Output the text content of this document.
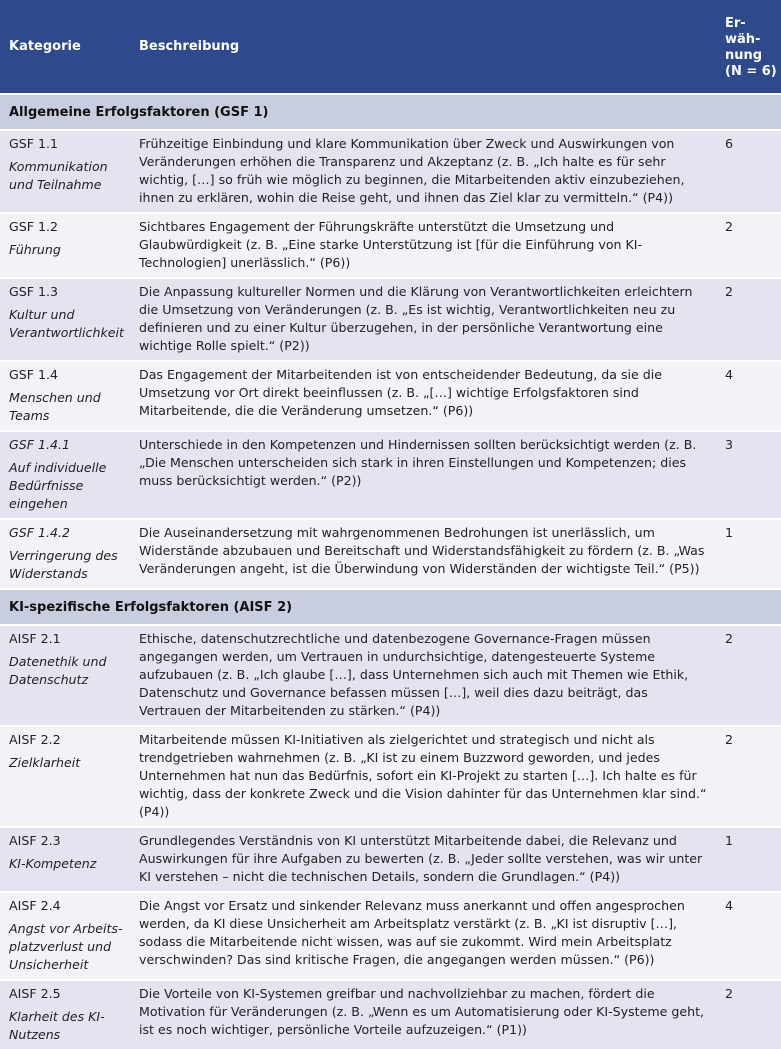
Kategorie	Beschreibung	Er-
wäh-
nung
(N = 6)
Allgemeine Erfolgsfaktoren (GSF 1)		

GSF 1.1
Kommunikation und Teilnahme	Frühzeitige Einbindung und klare Kommunikation über Zweck und Auswirkungen von Veränderungen erhöhen die Transparenz und Akzeptanz (z. B. „Ich halte es für sehr wichtig, […] so früh wie möglich zu beginnen, die Mitarbeitenden aktiv einzubeziehen, ihnen zu erklären, wohin die Reise geht, und ihnen das Ziel klar zu vermitteln.“ (P4))	6

GSF 1.2
Führung	Sichtbares Engagement der Führungskräfte unterstützt die Umsetzung und Glaubwürdigkeit (z. B. „Eine starke Unterstützung ist [für die Einführung von KI-Technologien] unerlässlich.“ (P6))	2

GSF 1.3
Kultur und Verantwortlichkeit	Die Anpassung kultureller Normen und die Klärung von Verantwortlichkeiten erleichtern die Umsetzung von Veränderungen (z. B. „Es ist wichtig, Verantwortlichkeiten neu zu definieren und zu einer Kultur überzugehen, in der persönliche Verantwortung eine wichtige Rolle spielt.“ (P2))	2

GSF 1.4
Menschen und Teams	Das Engagement der Mitarbeitenden ist von entscheidender Bedeutung, da sie die Umsetzung vor Ort direkt beeinflussen (z. B. „[…] wichtige Erfolgsfaktoren sind Mitarbeitende, die die Veränderung umsetzen.“ (P6))	4

GSF 1.4.1
Auf individuelle Bedürfnisse eingehen	Unterschiede in den Kompetenzen und Hindernissen sollten berücksichtigt werden (z. B. „Die Menschen unterscheiden sich stark in ihren Einstellungen und Kompetenzen; dies muss berücksichtigt werden.“ (P2))	3

GSF 1.4.2
Verringerung des Widerstands	Die Auseinandersetzung mit wahrgenommenen Bedrohungen ist unerlässlich, um Widerstände abzubauen und Bereitschaft und Widerstandsfähigkeit zu fördern (z. B. „Was Veränderungen angeht, ist die Überwindung von Widerständen der wichtigste Teil.“ (P5))	1
KI-spezifische Erfolgsfaktoren (AISF 2)		

AISF 2.1
Datenethik und Datenschutz	Ethische, datenschutzrechtliche und datenbezogene Governance-Fragen müssen angegangen werden, um Vertrauen in undurchsichtige, datengesteuerte Systeme aufzubauen (z. B. „Ich glaube […], dass Unternehmen sich auch mit Themen wie Ethik, Datenschutz und Governance befassen müssen […], weil dies dazu beiträgt, das Vertrauen der Mitarbeitenden zu stärken.“ (P4))	2

AISF 2.2
Zielklarheit	Mitarbeitende müssen KI-Initiativen als zielgerichtet und strategisch und nicht als trendgetrieben wahrnehmen (z. B. „KI ist zu einem Buzzword geworden, und jedes Unternehmen hat nun das Bedürfnis, sofort ein KI-Projekt zu starten […]. Ich halte es für wichtig, dass der konkrete Zweck und die Vision dahinter für das Unternehmen klar sind.“ (P4))	2

AISF 2.3
KI-Kompetenz	Grundlegendes Verständnis von KI unterstützt Mitarbeitende dabei, die Relevanz und Auswirkungen für ihre Aufgaben zu bewerten (z. B. „Jeder sollte verstehen, was wir unter KI verstehen – nicht die technischen Details, sondern die Grundlagen.“ (P4))	1

AISF 2.4
Angst vor Arbeits-platzverlust und Unsicherheit	Die Angst vor Ersatz und sinkender Relevanz muss anerkannt und offen angesprochen werden, da KI diese Unsicherheit am Arbeitsplatz verstärkt (z. B. „KI ist disruptiv […], sodass die Mitarbeitende nicht wissen, was auf sie zukommt. Wird mein Arbeitsplatz verschwinden? Das sind kritische Fragen, die angegangen werden müssen.“ (P6))	4

AISF 2.5
Klarheit des KI-Nutzens	Die Vorteile von KI-Systemen greifbar und nachvollziehbar zu machen, fördert die Motivation für Veränderungen (z. B. „Wenn es um Automatisierung oder KI-Systeme geht, ist es noch wichtiger, persönliche Vorteile aufzuzeigen.“ (P1))	2
